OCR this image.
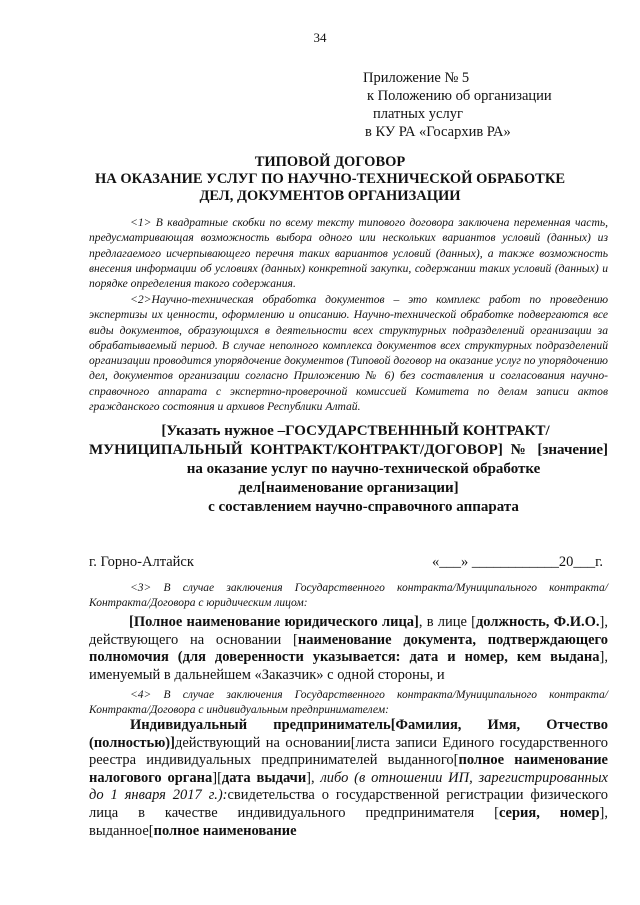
34
Приложение № 5
к Положению об организации
платных услуг
в КУ РА «Госархив РА»
ТИПОВОЙ ДОГОВОР
НА ОКАЗАНИЕ УСЛУГ ПО НАУЧНО-ТЕХНИЧЕСКОЙ ОБРАБОТКЕ
ДЕЛ, ДОКУМЕНТОВ ОРГАНИЗАЦИИ
<1> В квадратные скобки по всему тексту типового договора заключена переменная часть, предусматривающая возможность выбора одного или нескольких вариантов условий (данных) из предлагаемого исчерпывающего перечня таких вариантов условий (данных), а также возможность внесения информации об условиях (данных) конкретной закупки, содержании таких условий (данных) и порядке определения такого содержания.
<2>Научно-техническая обработка документов – это комплекс работ по проведению экспертизы их ценности, оформлению и описанию. Научно-технической обработке подвергаются все виды документов, образующихся в деятельности всех структурных подразделений организации за обрабатываемый период. В случае неполного комплекса документов всех структурных подразделений организации проводится упорядочение документов (Типовой договор на оказание услуг по упорядочению дел, документов организации согласно Приложению № 6) без составления и согласования научно-справочного аппарата с экспертно-проверочной комиссией Комитета по делам записи актов гражданского состояния и архивов Республики Алтай.
[Указать нужное –ГОСУДАРСТВЕНННЫЙ КОНТРАКТ/
МУНИЦИПАЛЬНЫЙ КОНТРАКТ/КОНТРАКТ/ДОГОВОР] № [значение]
на оказание услуг по научно-технической обработке
дел[наименование организации]
с составлением научно-справочного аппарата
г. Горно-Алтайск	«___» ____________20___г.
<3> В случае заключения Государственного контракта/Муниципального контракта/Контракта/Договора с юридическим лицом:
[Полное наименование юридического лица], в лице [должность, Ф.И.О.], действующего на основании [наименование документа, подтверждающего полномочия (для доверенности указывается: дата и номер, кем выдана], именуемый в дальнейшем «Заказчик» с одной стороны, и
<4> В случае заключения Государственного контракта/Муниципального контракта/Контракта/Договора с индивидуальным предпринимателем:
Индивидуальный предприниматель[Фамилия, Имя, Отчество (полностью)]действующий на основании[листа записи Единого государственного реестра индивидуальных предпринимателей выданного[полное наименование налогового органа][дата выдачи], либо (в отношении ИП, зарегистрированных до 1 января 2017 г.):свидетельства о государственной регистрации физического лица в качестве индивидуального предпринимателя [серия, номер], выданное[полное наименование
